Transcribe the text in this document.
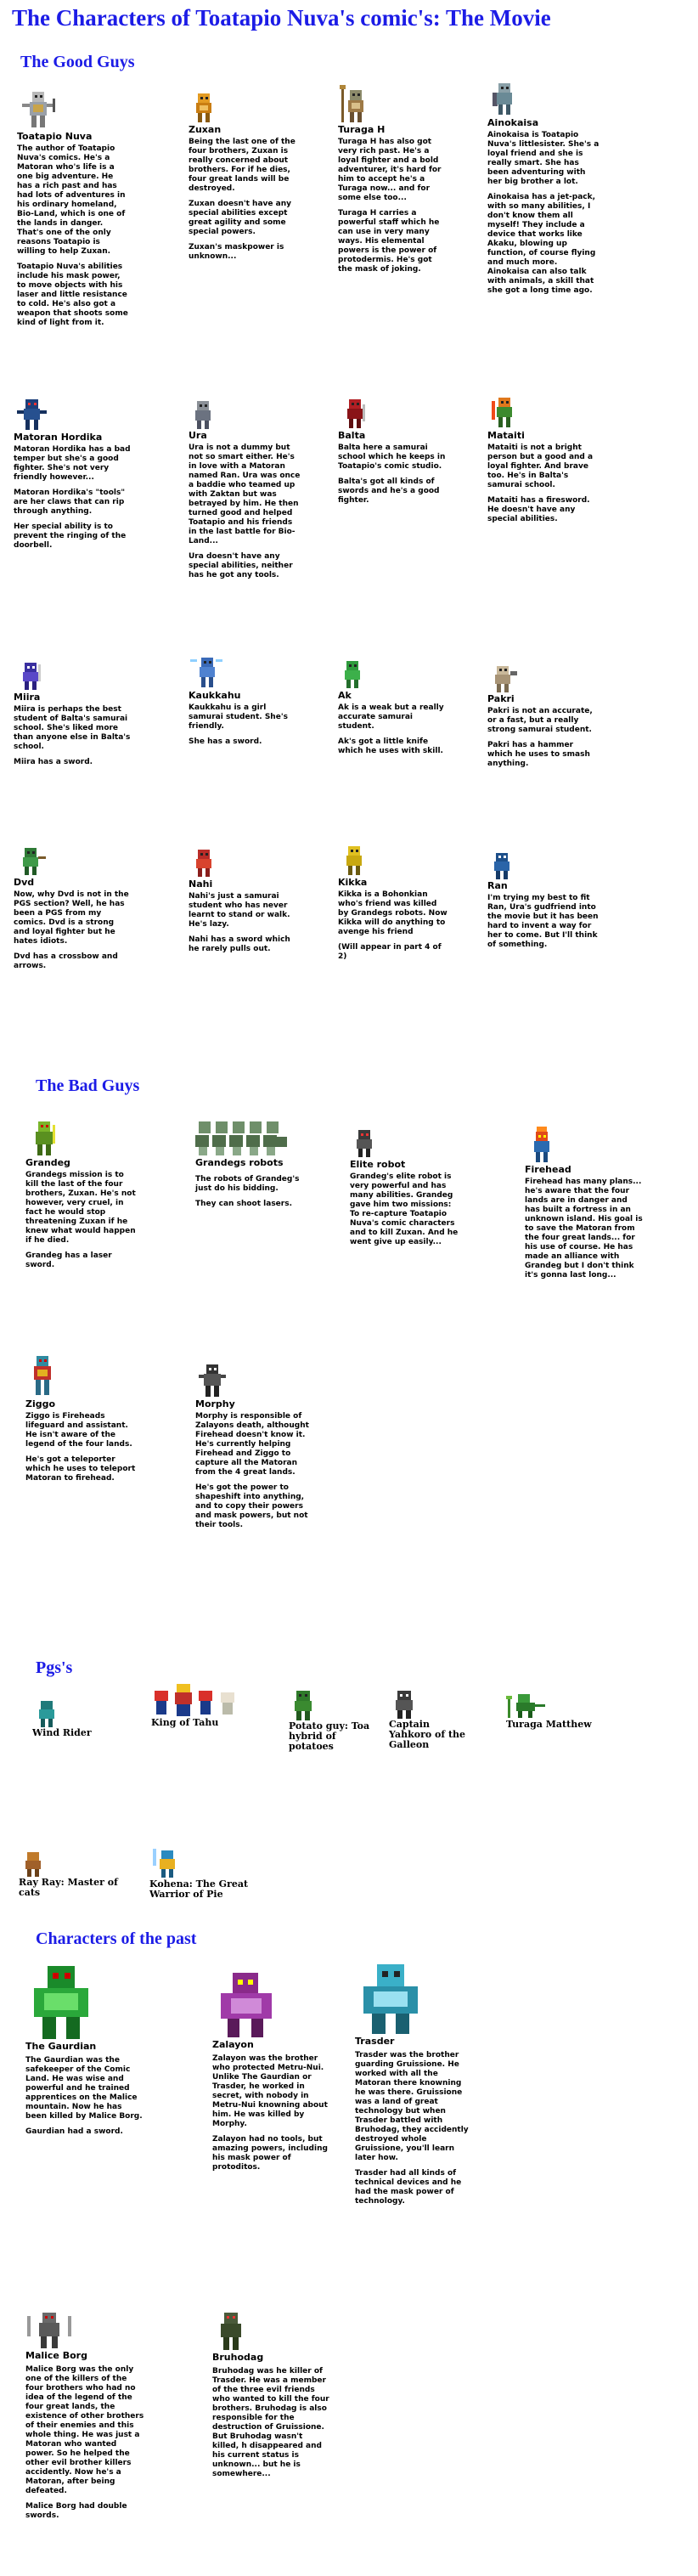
The Characters of Toatapio Nuva's comic's: The Movie
The Good Guys
The Bad Guys
Pgs's
Characters of the past
Toatapio Nuva

The author of Toatapio Nuva's comics. He's a Matoran who's life is a one big adventure. He has a rich past and has had lots of adventures in his ordinary homeland, Bio-Land, which is one of the lands in danger. That's one of the only reasons Toatapio is willing to help Zuxan.

Toatapio Nuva's abilities include his mask power, to move objects with his laser and little resistance to cold. He's also got a weapon that shoots some kind of light from it.

Zuxan

Being the last one of the four brothers, Zuxan is really concerned about brothers. For if he dies, four great lands will be destroyed.

Zuxan doesn't have any special abilities except great agility and some special powers.

Zuxan's maskpower is unknown...

Turaga H

Turaga H has also got very rich past. He's a loyal fighter and a bold adventurer, it's hard for him to accept he's a Turaga now... and for some else too...

Turaga H carries a powerful staff which he can use in very many ways. His elemental powers is the power of protodermis. He's got the mask of joking.

Ainokaisa

Ainokaisa is Toatapio Nuva's littlesister. She's a loyal friend and she is really smart. She has been adventuring with her big brother a lot.

Ainokaisa has a jet-pack, with so many abilities, I don't know them all myself! They include a device that works like Akaku, blowing up function, of course flying and much more. Ainokaisa can also talk with animals, a skill that she got a long time ago.

Matoran Hordika

Matoran Hordika has a bad temper but she's a good fighter. She's not very friendly however...

Matoran Hordika's "tools" are her claws that can rip through anything.

Her special ability is to prevent the ringing of the doorbell.

Ura

Ura is not a dummy but not so smart either. He's in love with a Matoran named Ran. Ura was once a baddie who teamed up with Zaktan but was betrayed by him. He then turned good and helped Toatapio and his friends in the last battle for Bio-Land...

Ura doesn't have any special abilities, neither has he got any tools.

Balta

Balta here a samurai school which he keeps in Toatapio's comic studio.

Balta's got all kinds of swords and he's a good fighter.

Mataiti

Mataiti is not a bright person but a good and a loyal fighter. And brave too. He's in Balta's samurai school.

Mataiti has a firesword. He doesn't have any special abilities.

Miira

Miira is perhaps the best student of Balta's samurai school. She's liked more than anyone else in Balta's school.

Miira has a sword.

Kaukkahu

Kaukkahu is a girl samurai student. She's friendly.

She has a sword.

Ak

Ak is a weak but a really accurate samurai student.

Ak's got a little knife which he uses with skill.

Pakri

Pakri is not an accurate, or a fast, but a really strong samurai student.

Pakri has a hammer which he uses to smash anything.

Dvd

Now, why Dvd is not in the PGS section? Well, he has been a PGS from my comics. Dvd is a strong and loyal fighter but he hates idiots.

Dvd has a crossbow and arrows.

Nahi

Nahi's just a samurai student who has never learnt to stand or walk. He's lazy.

Nahi has a sword which he rarely pulls out.

Kikka

Kikka is a Bohonkian who's friend was killed by Grandegs robots. Now Kikka will do anything to avenge his friend

(Will appear in part 4 of 2)

Ran

I'm trying my best to fit Ran, Ura's gudfriend into the movie but it has been hard to invent a way for her to come. But I'll think of something.

Grandeg

Grandegs mission is to kill the last of the four brothers, Zuxan. He's not however, very cruel, in fact he would stop threatening Zuxan if he knew what would happen if he died.

Grandeg has a laser sword.

Grandegs robots

The robots of Grandeg's just do his bidding.

They can shoot lasers.

Elite robot

Grandeg's elite robot is very powerful and has many abilities. Grandeg gave him two missions: To re-capture Toatapio Nuva's comic characters and to kill Zuxan. And he went give up easily...

Firehead

Firehead has many plans... he's aware that the four lands are in danger and has built a fortress in an unknown island. His goal is to save the Matoran from the four great lands... for his use of course. He has made an alliance with Grandeg but I don't think it's gonna last long...

Ziggo

Ziggo is Fireheads lifeguard and assistant. He isn't aware of the legend of the four lands.

He's got a teleporter which he uses to teleport Matoran to firehead.

Morphy

Morphy is responsible of Zalayons death, althought Firehead doesn't know it. He's currently helping Firehead and Ziggo to capture all the Matoran from the 4 great lands.

He's got the power to shapeshift into anything, and to copy their powers and mask powers, but not their tools.

Wind Rider
King of Tahu	Potato guy: Toa hybrid of potatoes
Captain Yahkoro of the Galleon
Turaga Matthew
Ray Ray: Master of cats
Kohena: The Great Warrior of Pie
The Gaurdian

The Gaurdian was the safekeeper of the Comic Land. He was wise and powerful and he trained apprentices on the Malice mountain. Now he has been killed by Malice Borg.

Gaurdian had a sword.

Zalayon

Zalayon was the brother who protected Metru-Nui. Unlike The Gaurdian or Trasder, he worked in secret, with nobody in Metru-Nui knowning about him. He was killed by Morphy.

Zalayon had no tools, but amazing powers, including his mask power of protoditos.

Trasder

Trasder was the brother guarding Gruissione. He worked with all the Matoran there knowning he was there. Gruissione was a land of great technology but when Trasder battled with Bruhodag, they accidently destroyed whole Gruissione, you'll learn later how.

Trasder had all kinds of technical devices and he had the mask power of technology.

Malice Borg

Malice Borg was the only one of the killers of the four brothers who had no idea of the legend of the four great lands, the existence of other brothers of their enemies and this whole thing. He was just a Matoran who wanted power. So he helped the other evil brother killers accidently. Now he's a Matoran, after being defeated.

Malice Borg had double swords.

Bruhodag

Bruhodag was he killer of Trasder. He was a member of the three evil friends who wanted to kill the four brothers. Bruhodag is also responsible for the destruction of Gruissione. But Bruhodag wasn't killed, h disappeared and his current status is unknown... but he is somewhere...
